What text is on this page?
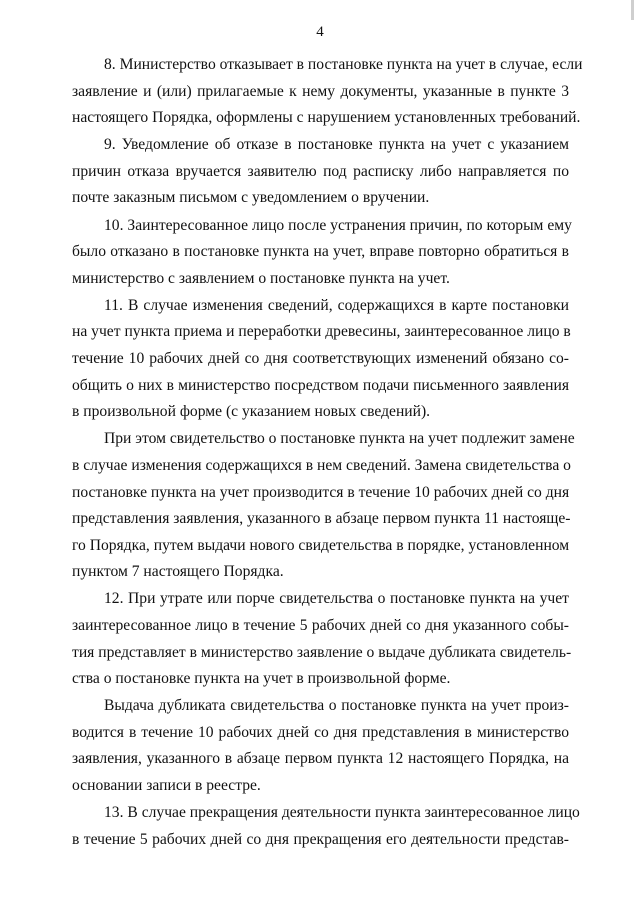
4
8. Министерство отказывает в постановке пункта на учет в случае, если
заявление и (или) прилагаемые к нему документы, указанные в пункте 3
настоящего Порядка, оформлены с нарушением установленных требований.
9. Уведомление об отказе в постановке пункта на учет с указанием
причин отказа вручается заявителю под расписку либо направляется по
почте заказным письмом с уведомлением о вручении.
10. Заинтересованное лицо после устранения причин, по которым ему
было отказано в постановке пункта на учет, вправе повторно обратиться в
министерство с заявлением о постановке пункта на учет.
11. В случае изменения сведений, содержащихся в карте постановки
на учет пункта приема и переработки древесины, заинтересованное лицо в
течение 10 рабочих дней со дня соответствующих изменений обязано со-
общить о них в министерство посредством подачи письменного заявления
в произвольной форме (с указанием новых сведений).
При этом свидетельство о постановке пункта на учет подлежит замене
в случае изменения содержащихся в нем сведений. Замена свидетельства о
постановке пункта на учет производится в течение 10 рабочих дней со дня
представления заявления, указанного в абзаце первом пункта 11 настояще-
го Порядка, путем выдачи нового свидетельства в порядке, установленном
пунктом 7 настоящего Порядка.
12. При утрате или порче свидетельства о постановке пункта на учет
заинтересованное лицо в течение 5 рабочих дней со дня указанного собы-
тия представляет в министерство заявление о выдаче дубликата свидетель-
ства о постановке пункта на учет в произвольной форме.
Выдача дубликата свидетельства о постановке пункта на учет произ-
водится в течение 10 рабочих дней со дня представления в министерство
заявления, указанного в абзаце первом пункта 12 настоящего Порядка, на
основании записи в реестре.
13. В случае прекращения деятельности пункта заинтересованное лицо
в течение 5 рабочих дней со дня прекращения его деятельности представ-
